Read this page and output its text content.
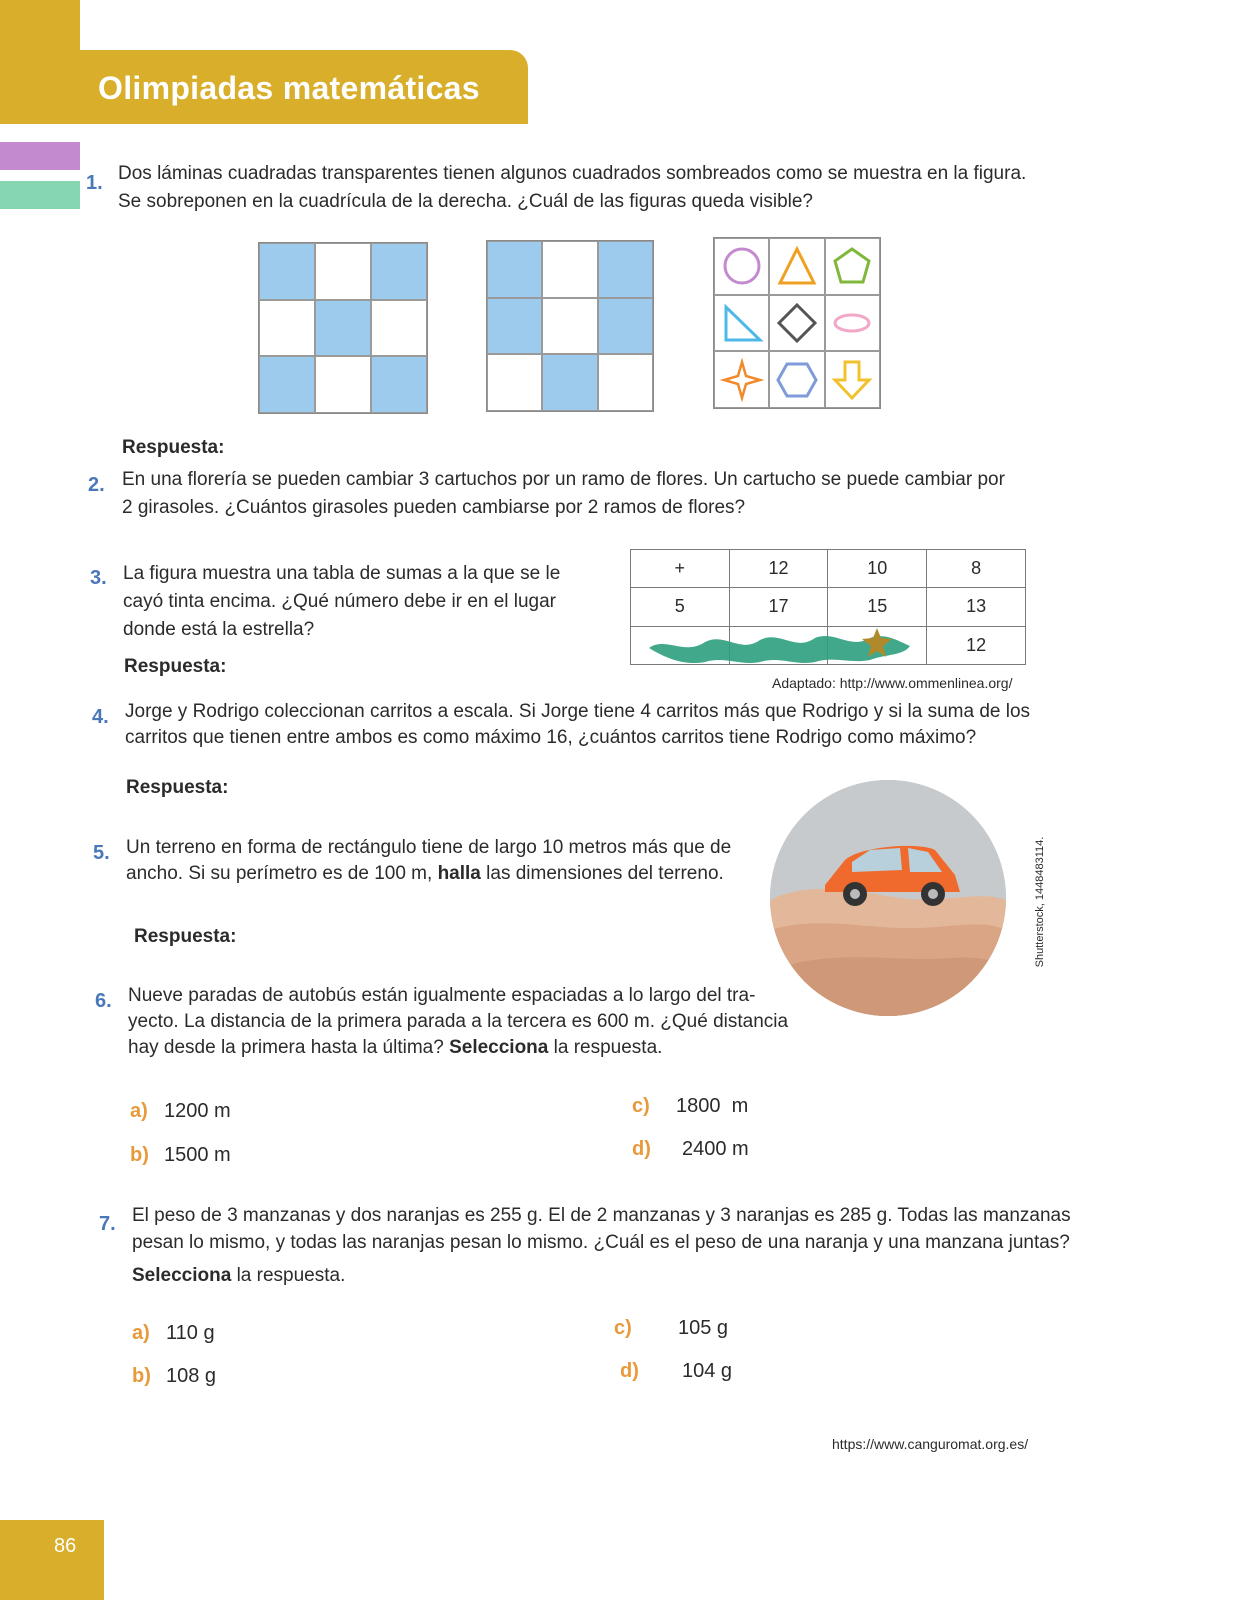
Olimpiadas matemáticas
1. Dos láminas cuadradas transparentes tienen algunos cuadrados sombreados como se muestra en la figura.
Se sobreponen en la cuadrícula de la derecha. ¿Cuál de las figuras queda visible?
Respuesta:
2. En una florería se pueden cambiar 3 cartuchos por un ramo de flores. Un cartucho se puede cambiar por
2 girasoles. ¿Cuántos girasoles pueden cambiarse por 2 ramos de flores?
3. La figura muestra una tabla de sumas a la que se le
cayó tinta encima. ¿Qué número debe ir en el lugar
donde está la estrella?
Respuesta:
+	12	10	8
5	17	15	13
			12
Adaptado: http://www.ommenlinea.org/
4. Jorge y Rodrigo coleccionan carritos a escala. Si Jorge tiene 4 carritos más que Rodrigo y si la suma de los
carritos que tienen entre ambos es como máximo 16, ¿cuántos carritos tiene Rodrigo como máximo?
Respuesta:
Shutterstock, 1448483114.
5. Un terreno en forma de rectángulo tiene de largo 10 metros más que de
ancho. Si su perímetro es de 100 m, halla las dimensiones del terreno.
Respuesta:
6. Nueve paradas de autobús están igualmente espaciadas a lo largo del tra-
yecto. La distancia de la primera parada a la tercera es 600 m. ¿Qué distancia
hay desde la primera hasta la última? Selecciona la respuesta.
a) 1200 m
b) 1500 m
c) 1800  m
d) 2400 m
7. El peso de 3 manzanas y dos naranjas es 255 g. El de 2 manzanas y 3 naranjas es 285 g. Todas las manzanas
pesan lo mismo, y todas las naranjas pesan lo mismo. ¿Cuál es el peso de una naranja y una manzana juntas?
Selecciona la respuesta.
a) 110 g
b) 108 g
c) 105 g
d) 104 g
https://www.canguromat.org.es/
86
